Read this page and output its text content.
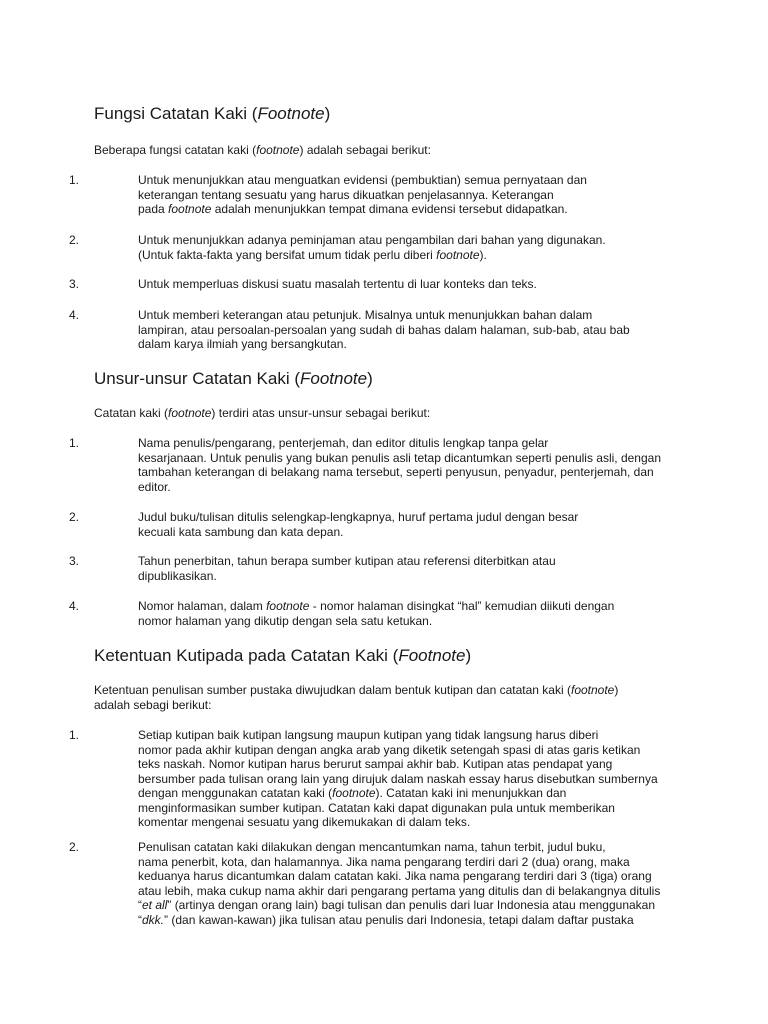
Fungsi Catatan Kaki (Footnote)

Beberapa fungsi catatan kaki (footnote) adalah sebagai berikut:

1.	Untuk menunjukkan atau menguatkan evidensi (pembuktian) semua pernyataan dan
keterangan tentang sesuatu yang harus dikuatkan penjelasannya. Keterangan
pada footnote adalah menunjukkan tempat dimana evidensi tersebut didapatkan.

2.	Untuk menunjukkan adanya peminjaman atau pengambilan dari bahan yang digunakan.
(Untuk fakta-fakta yang bersifat umum tidak perlu diberi footnote).

3.	Untuk memperluas diskusi suatu masalah tertentu di luar konteks dan teks.

4.	Untuk memberi keterangan atau petunjuk. Misalnya untuk menunjukkan bahan dalam
lampiran, atau persoalan-persoalan yang sudah di bahas dalam halaman, sub-bab, atau bab
dalam karya ilmiah yang bersangkutan.

Unsur-unsur Catatan Kaki (Footnote)

Catatan kaki (footnote) terdiri atas unsur-unsur sebagai berikut:

1.	Nama penulis/pengarang, penterjemah, dan editor ditulis lengkap tanpa gelar
kesarjanaan. Untuk penulis yang bukan penulis asli tetap dicantumkan seperti penulis asli, dengan
tambahan keterangan di belakang nama tersebut, seperti penyusun, penyadur, penterjemah, dan
editor.

2.	Judul buku/tulisan ditulis selengkap-lengkapnya, huruf pertama judul dengan besar
kecuali kata sambung dan kata depan.

3.	Tahun penerbitan, tahun berapa sumber kutipan atau referensi diterbitkan atau
dipublikasikan.

4.	Nomor halaman, dalam footnote - nomor halaman disingkat “hal” kemudian diikuti dengan
nomor halaman yang dikutip dengan sela satu ketukan.

Ketentuan Kutipada pada Catatan Kaki (Footnote)

Ketentuan penulisan sumber pustaka diwujudkan dalam bentuk kutipan dan catatan kaki (footnote)
adalah sebagi berikut:

1.	Setiap kutipan baik kutipan langsung maupun kutipan yang tidak langsung harus diberi
nomor pada akhir kutipan dengan angka arab yang diketik setengah spasi di atas garis ketikan
teks naskah. Nomor kutipan harus berurut sampai akhir bab. Kutipan atas pendapat yang
bersumber pada tulisan orang lain yang dirujuk dalam naskah essay harus disebutkan sumbernya
dengan menggunakan catatan kaki (footnote). Catatan kaki ini menunjukkan dan
menginformasikan sumber kutipan. Catatan kaki dapat digunakan pula untuk memberikan
komentar mengenai sesuatu yang dikemukakan di dalam teks.

2.	Penulisan catatan kaki dilakukan dengan mencantumkan nama, tahun terbit, judul buku,
nama penerbit, kota, dan halamannya. Jika nama pengarang terdiri dari 2 (dua) orang, maka
keduanya harus dicantumkan dalam catatan kaki. Jika nama pengarang terdiri dari 3 (tiga) orang
atau lebih, maka cukup nama akhir dari pengarang pertama yang ditulis dan di belakangnya ditulis
“et all” (artinya dengan orang lain) bagi tulisan dan penulis dari luar Indonesia atau menggunakan
“dkk.” (dan kawan-kawan) jika tulisan atau penulis dari Indonesia, tetapi dalam daftar pustaka
